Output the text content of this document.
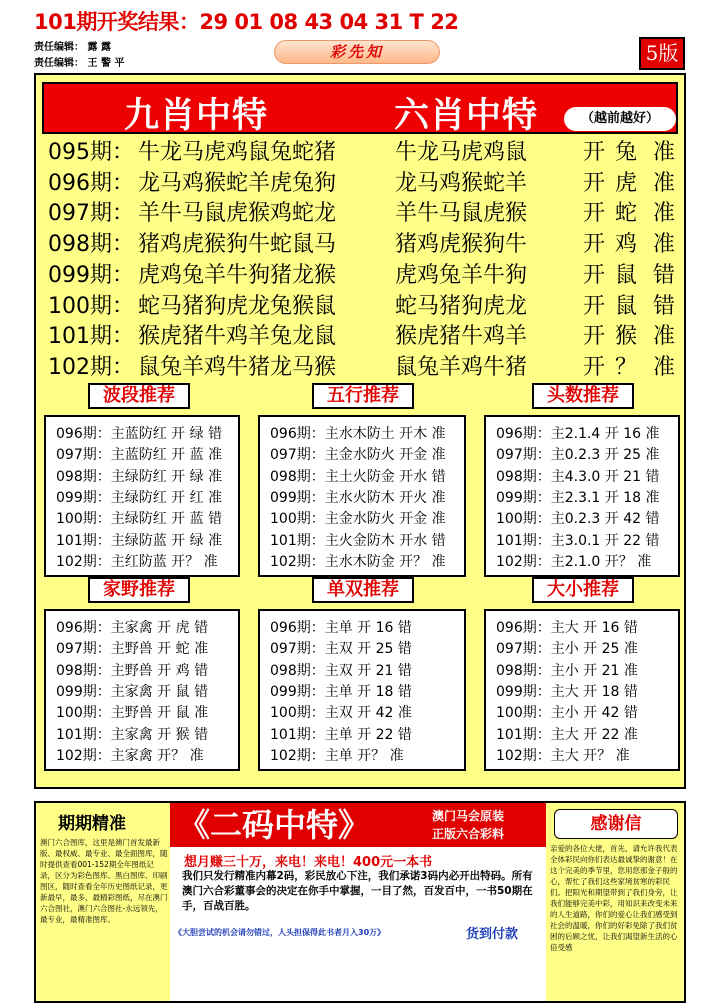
101期开奖结果：29 01 08 43 04 31 T 22
责任编辑： 露 露
责任编辑： 王 警 平
彩先知	5版
九肖中特	六肖中特	（越前越好）
095期： 牛龙马虎鸡鼠兔蛇猪	牛龙马虎鸡鼠	开 兔 准
096期： 龙马鸡猴蛇羊虎兔狗	龙马鸡猴蛇羊	开 虎 准
097期： 羊牛马鼠虎猴鸡蛇龙	羊牛马鼠虎猴	开 蛇 准
098期： 猪鸡虎猴狗牛蛇鼠马	猪鸡虎猴狗牛	开 鸡 准
099期： 虎鸡兔羊牛狗猪龙猴	虎鸡兔羊牛狗	开 鼠 错
100期： 蛇马猪狗虎龙兔猴鼠	蛇马猪狗虎龙	开 鼠 错
101期： 猴虎猪牛鸡羊兔龙鼠	猴虎猪牛鸡羊	开 猴 准
102期： 鼠兔羊鸡牛猪龙马猴	鼠兔羊鸡牛猪	开 ？ 准
波段推荐
096期：主蓝防红 开 绿 错
097期：主蓝防红 开 蓝 准
098期：主绿防红 开 绿 准
099期：主绿防红 开 红 准
100期：主绿防红 开 蓝 错
101期：主绿防蓝 开 绿 准
102期：主红防蓝 开？ 准
五行推荐
096期：主水木防土 开木 准
097期：主金水防火 开金 准
098期：主土火防金 开水 错
099期：主水火防木 开火 准
100期：主金水防火 开金 准
101期：主火金防木 开水 错
102期：主水木防金 开？ 准
头数推荐
096期：主2.1.4 开 16 准
097期：主0.2.3 开 25 准
098期：主4.3.0 开 21 错
099期：主2.3.1 开 18 准
100期：主0.2.3 开 42 错
101期：主3.0.1 开 22 错
102期：主2.1.0 开？ 准
家野推荐
096期：主家禽 开 虎 错
097期：主野兽 开 蛇 准
098期：主野兽 开 鸡 错
099期：主家禽 开 鼠 错
100期：主野兽 开 鼠 准
101期：主家禽 开 猴 错
102期：主家禽 开？ 准
单双推荐
096期：主单 开 16 错
097期：主双 开 25 错
098期：主双 开 21 错
099期：主单 开 18 错
100期：主双 开 42 准
101期：主单 开 22 错
102期：主单 开？ 准
大小推荐
096期：主大 开 16 错
097期：主小 开 25 准
098期：主小 开 21 准
099期：主大 开 18 错
100期：主小 开 42 错
101期：主大 开 22 准
102期：主大 开？ 准
期期精准
澳门六合图库，这里是澳门首发最新版、最权威、最专业、最全面图库，随时提供查看001-152期全年图纸记录，区分为彩色图库、黑白图库、印刷图区，随时查看全年历史图纸记录，更新最早，最多，最精彩图纸，尽在澳门六合图社，澳门六合图社-永远领先，最专业，最精准图库。
《二码中特》	澳门马会原装
正版六合彩料
想月赚三十万，来电！来电！400元一本书
我们只发行精准内幕2码，彩民放心下注，我们承诺3码内必开出特码。所有澳门六合彩董事会的决定在你手中掌握，一目了然，百发百中，一书50期在手，百战百胜。
《大胆尝试的机会请勿错过，人头担保得此书者月入30万》	货到付款
感谢信
亲爱的各位大佬，首先，请允许我代表全体彩民向你们表达最诚挚的谢意！在这个完美的季节里，您用您那金子般的心，帮忙了我们这些家境贫寒的彩民们。把阳光和期望带到了我们身旁，让我们能够完美中彩，用知识来改变未来的人生道路，你们的爱心让我们感受到社会的温暖，你们的好彩免除了我们贫困的后顾之忧，让我们渴望新生活的心倍受感
